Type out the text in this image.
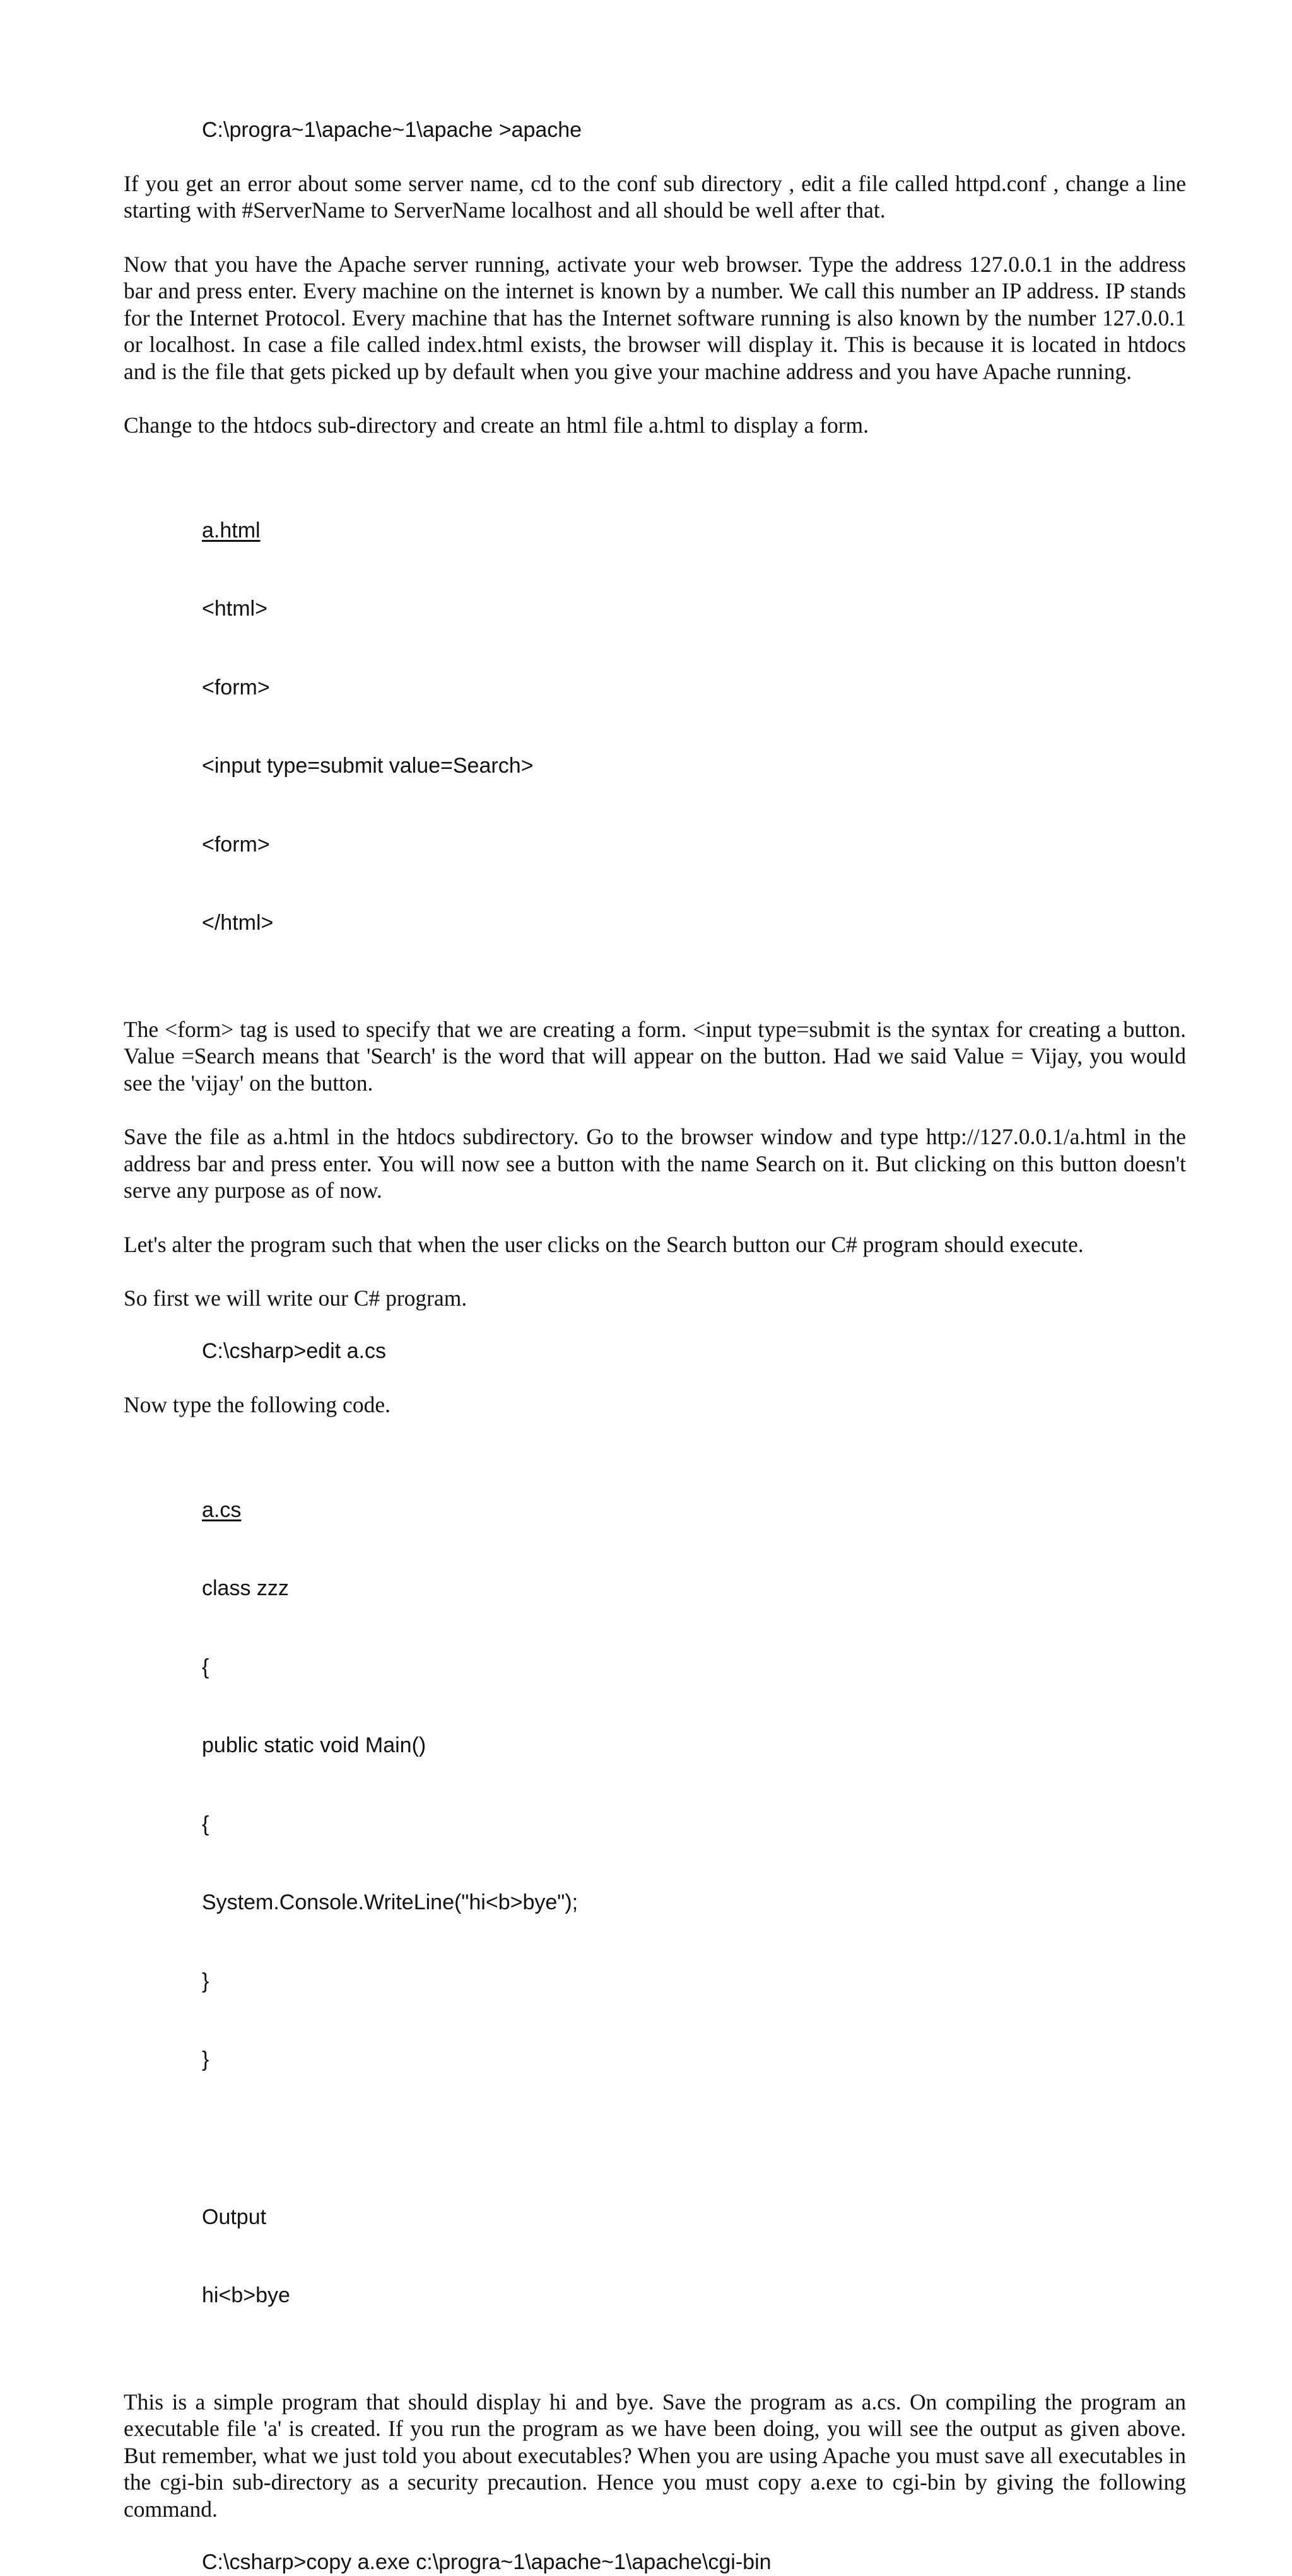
C:\progra~1\apache~1\apache >apache

If you get an error about some server name, cd to the conf sub directory , edit a file called httpd.conf , change a line starting with #ServerName to ServerName localhost and all should be well after that.

Now that you have the Apache server running, activate your web browser. Type the address 127.0.0.1 in the address bar and press enter. Every machine on the internet is known by a number. We call this number an IP address. IP stands for the Internet Protocol. Every machine that has the Internet software running is also known by the number 127.0.0.1 or localhost. In case a file called index.html exists, the browser will display it. This is because it is located in htdocs and is the file that gets picked up by default when you give your machine address and you have Apache running.

Change to the htdocs sub-directory and create an html file a.html to display a form.

a.html

<html>

<form>

<input type=submit value=Search>

<form>

</html>

The <form> tag is used to specify that we are creating a form. <input type=submit is the syntax for creating a button. Value =Search means that 'Search' is the word that will appear on the button. Had we said Value = Vijay, you would see the 'vijay' on the button.

Save the file as a.html in the htdocs subdirectory. Go to the browser window and type http://127.0.0.1/a.html in the address bar and press enter. You will now see a button with the name Search on it. But clicking on this button doesn't serve any purpose as of now.

Let's alter the program such that when the user clicks on the Search button our C# program should execute.

So first we will write our C# program.

C:\csharp>edit a.cs

Now type the following code.

a.cs

class zzz

{

public static void Main()

{

System.Console.WriteLine("hi<b>bye");

}

}

Output

hi<b>bye

This is a simple program that should display hi and bye. Save the program as a.cs. On compiling the program an executable file 'a' is created. If you run the program as we have been doing, you will see the output as given above. But remember, what we just told you about executables? When you are using Apache you must save all executables in the cgi-bin sub-directory as a security precaution. Hence you must copy a.exe to cgi-bin by giving the following command.

C:\csharp>copy a.exe c:\progra~1\apache~1\apache\cgi-bin
